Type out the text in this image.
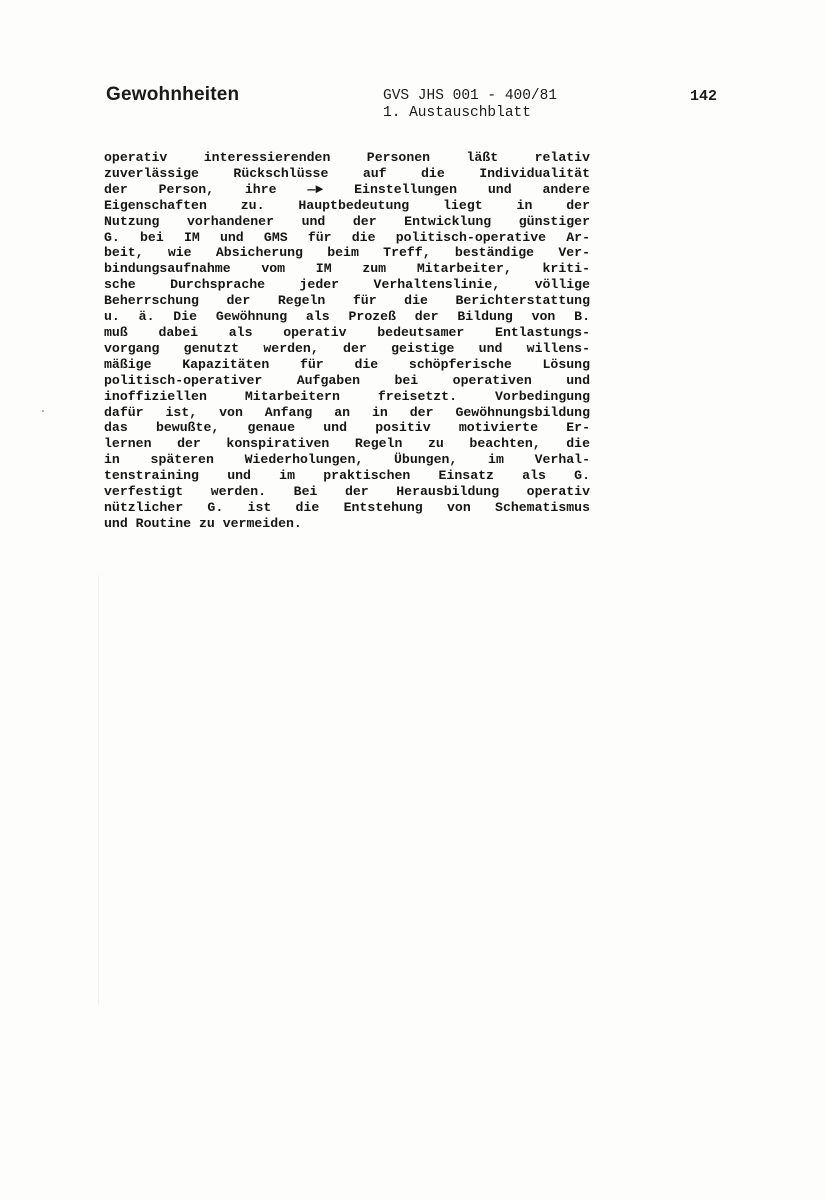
Gewohnheiten	GVS JHS 001 - 400/81
1. Austauschblatt
142
operativ interessierenden Personen läßt relativ
zuverlässige Rückschlüsse auf die Individualität
der Person, ihre —► Einstellungen und andere
Eigenschaften zu. Hauptbedeutung liegt in der
Nutzung vorhandener und der Entwicklung günstiger
G. bei IM und GMS für die politisch-operative Ar-
beit, wie Absicherung beim Treff, beständige Ver-
bindungsaufnahme vom IM zum Mitarbeiter, kriti-
sche Durchsprache jeder Verhaltenslinie, völlige
Beherrschung der Regeln für die Berichterstattung
u. ä. Die Gewöhnung als Prozeß der Bildung von B.
muß dabei als operativ bedeutsamer Entlastungs-
vorgang genutzt werden, der geistige und willens-
mäßige Kapazitäten für die schöpferische Lösung
politisch-operativer Aufgaben bei operativen und
inoffiziellen Mitarbeitern freisetzt. Vorbedingung
dafür ist, von Anfang an in der Gewöhnungsbildung
das bewußte, genaue und positiv motivierte Er-
lernen der konspirativen Regeln zu beachten, die
in späteren Wiederholungen, Übungen, im Verhal-
tenstraining und im praktischen Einsatz als G.
verfestigt werden. Bei der Herausbildung operativ
nützlicher G. ist die Entstehung von Schematismus
und Routine zu vermeiden.
